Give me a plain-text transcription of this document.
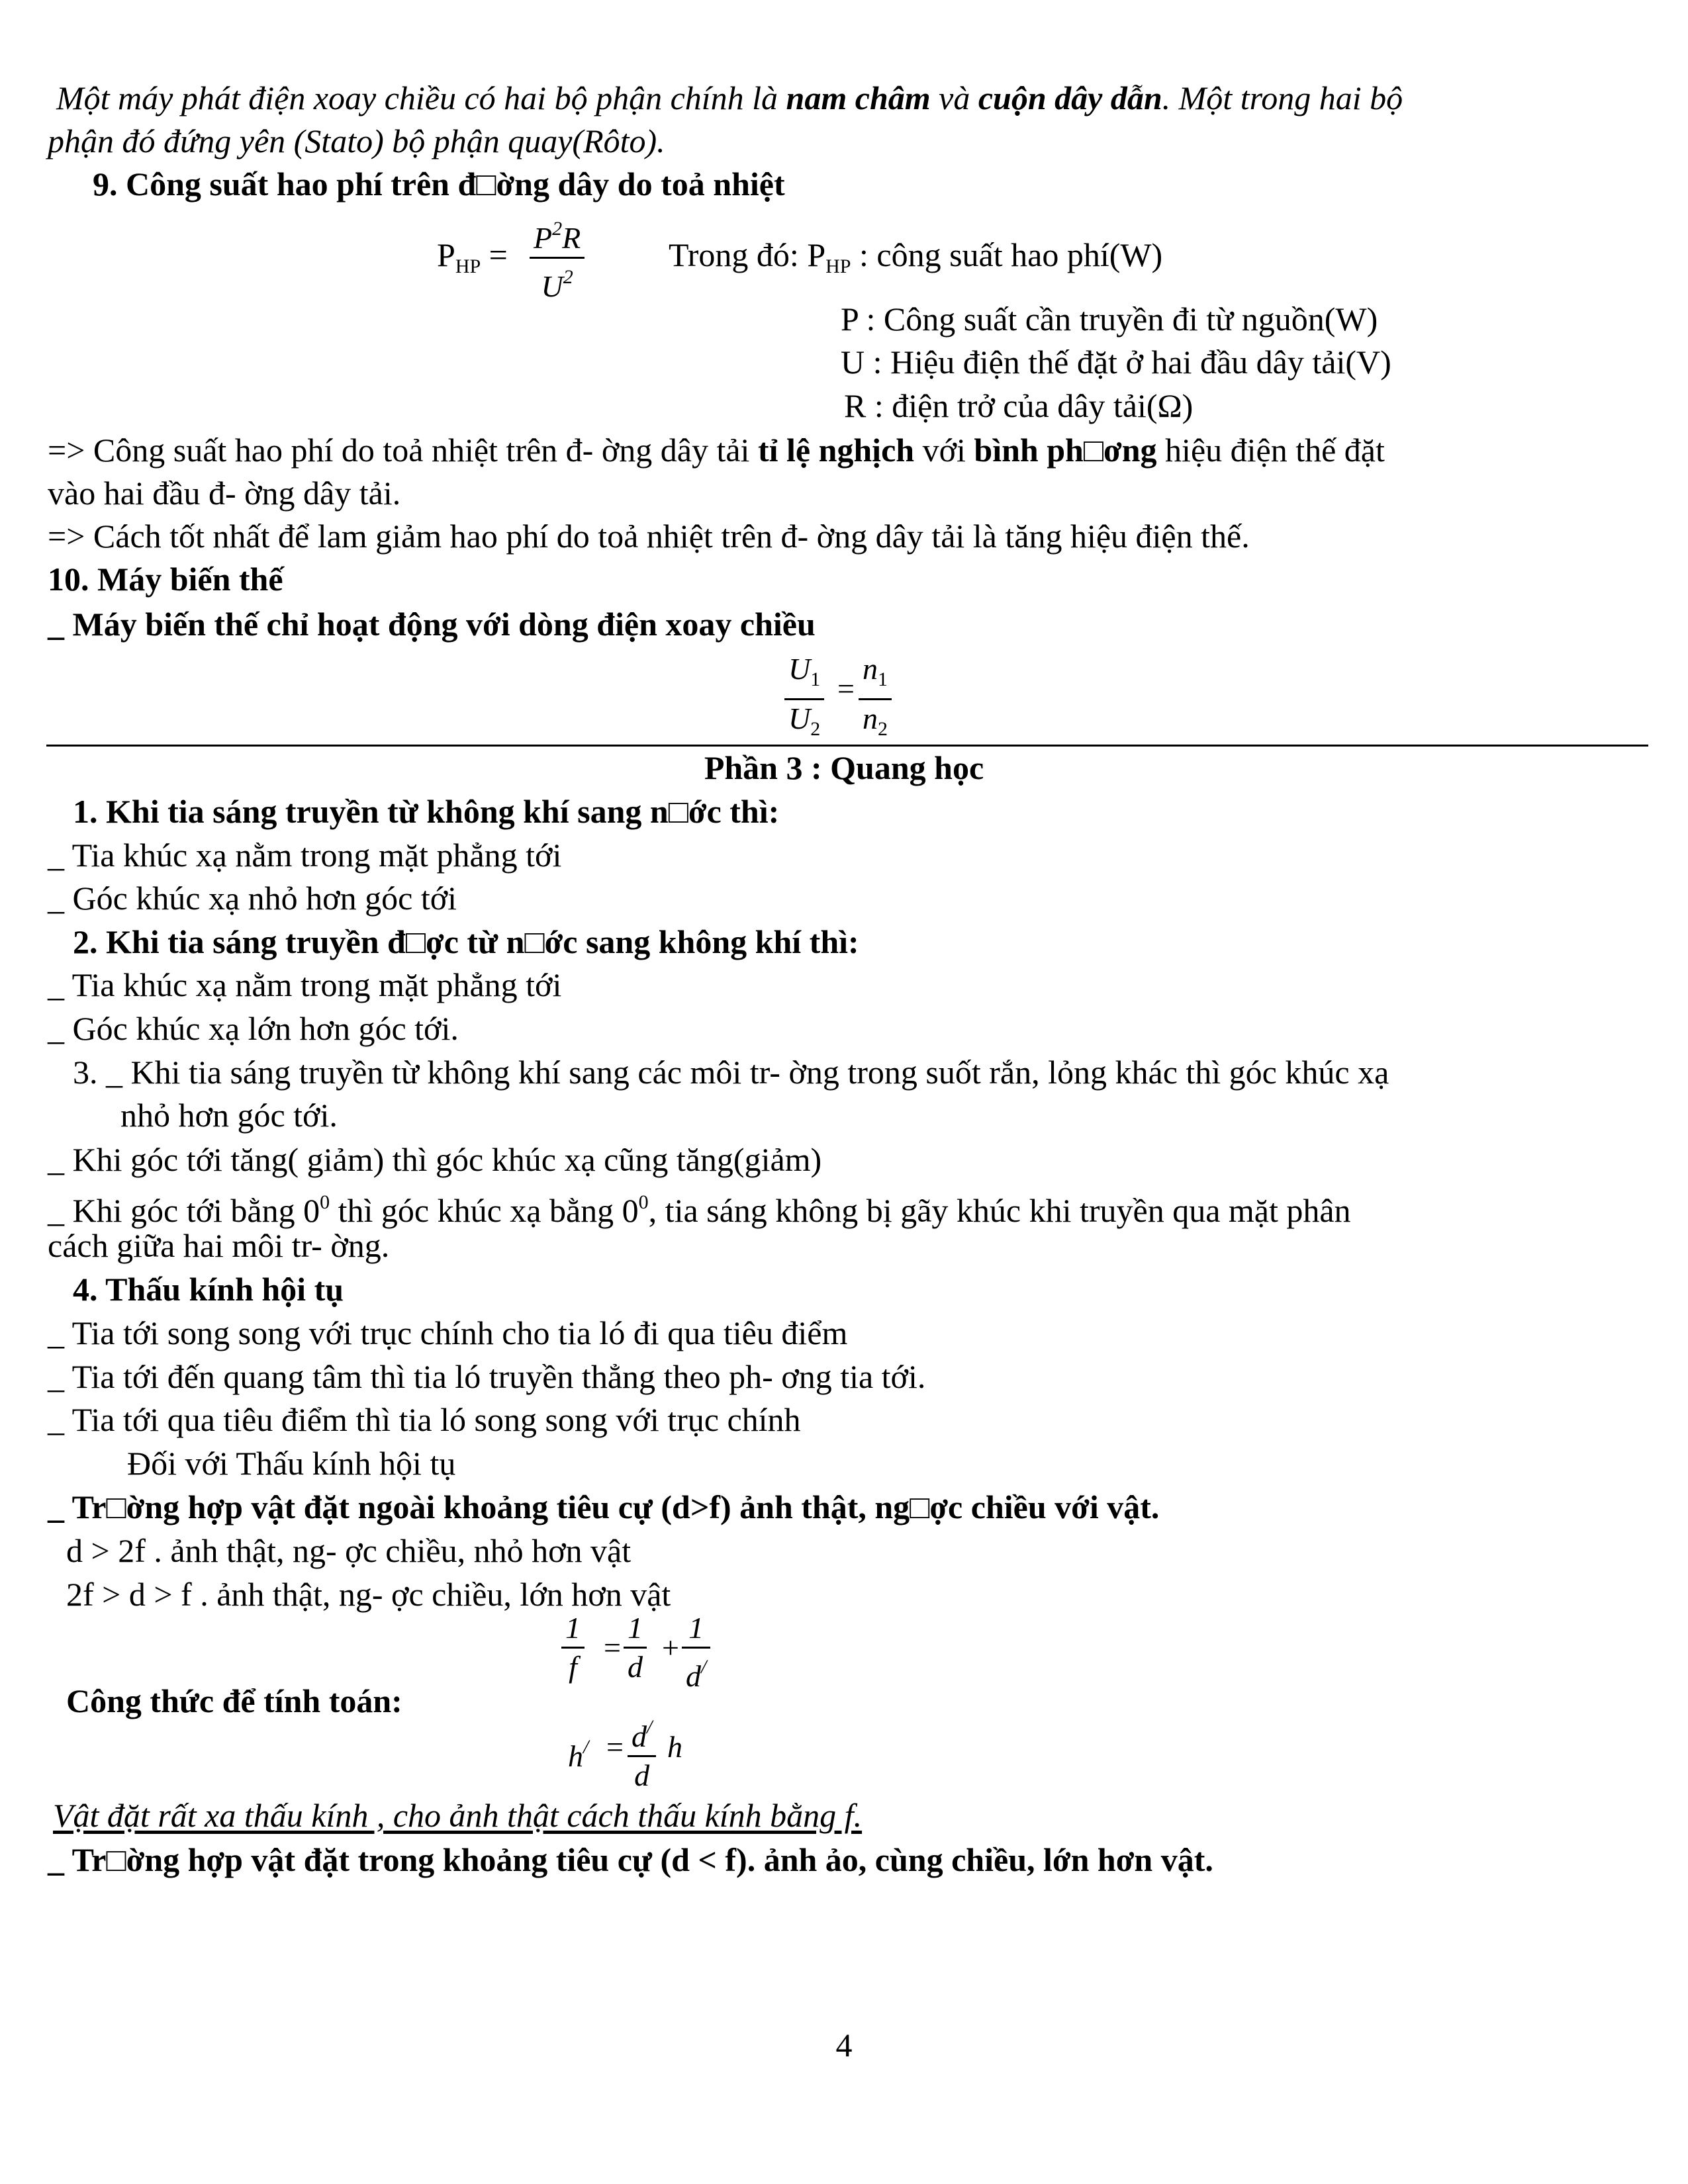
Một máy phát điện xoay chiều có hai bộ phận chính là nam châm và cuộn dây dẫn. Một trong hai bộ
phận đó đứng yên (Stato) bộ phận quay(Rôto).
9. Công suất hao phí trên đ□ờng dây do toả nhiệt
$P_{HP} = P^2R$
$U^2$
Trong đó: $P_{HP}$ : công suất hao phí(W)
P : Công suất cần truyền đi từ nguồn(W)
U : Hiệu điện thế đặt ở hai đầu dây tải(V)
R : điện trở của dây tải(Ω)
=> Công suất hao phí do toả nhiệt trên đ- ờng dây tải tỉ lệ nghịch với bình ph□ơng hiệu điện thế đặt
vào hai đầu đ- ờng dây tải.
=> Cách tốt nhất để lam giảm hao phí do toả nhiệt trên đ- ờng dây tải là tăng hiệu điện thế.
10. Máy biến thế
_ Máy biến thế chỉ hoạt động với dòng điện xoay chiều
$U_1$
$U_2$
=
$n_1$
$n_2$
Phần 3 : Quang học
1. Khi tia sáng truyền từ không khí sang n□ớc thì:
_ Tia khúc xạ nằm trong mặt phẳng tới
_ Góc khúc xạ nhỏ hơn góc tới
2. Khi tia sáng truyền đ□ợc từ n□ớc sang không khí thì:
_ Tia khúc xạ nằm trong mặt phẳng tới
_ Góc khúc xạ lớn hơn góc tới.
3. _ Khi tia sáng truyền từ không khí sang các môi tr- ờng trong suốt rắn, lỏng khác thì góc khúc xạ
nhỏ hơn góc tới.
_ Khi góc tới tăng( giảm) thì góc khúc xạ cũng tăng(giảm)
_ Khi góc tới bằng $0^0$ thì góc khúc xạ bằng $0^0$, tia sáng không bị gãy khúc khi truyền qua mặt phân
cách giữa hai môi tr- ờng.
4. Thấu kính hội tụ
_ Tia tới song song với trục chính cho tia ló đi qua tiêu điểm
_ Tia tới đến quang tâm thì tia ló truyền thẳng theo ph- ơng tia tới.
_ Tia tới qua tiêu điểm thì tia ló song song với trục chính
Đối với Thấu kính hội tụ
_ Tr□ờng hợp vật đặt ngoài khoảng tiêu cự (d>f) ảnh thật, ng□ợc chiều với vật.
d > 2f . ảnh thật, ng- ợc chiều, nhỏ hơn vật
2f > d > f . ảnh thật, ng- ợc chiều, lớn hơn vật
Công thức để tính toán:
1
f
=
1
d
+
1
d/
h/ = d/
d
h
Vật đặt rất xa thấu kính , cho ảnh thật cách thấu kính bằng f.
_ Tr□ờng hợp vật đặt trong khoảng tiêu cự (d < f). ảnh ảo, cùng chiều, lớn hơn vật.
4
